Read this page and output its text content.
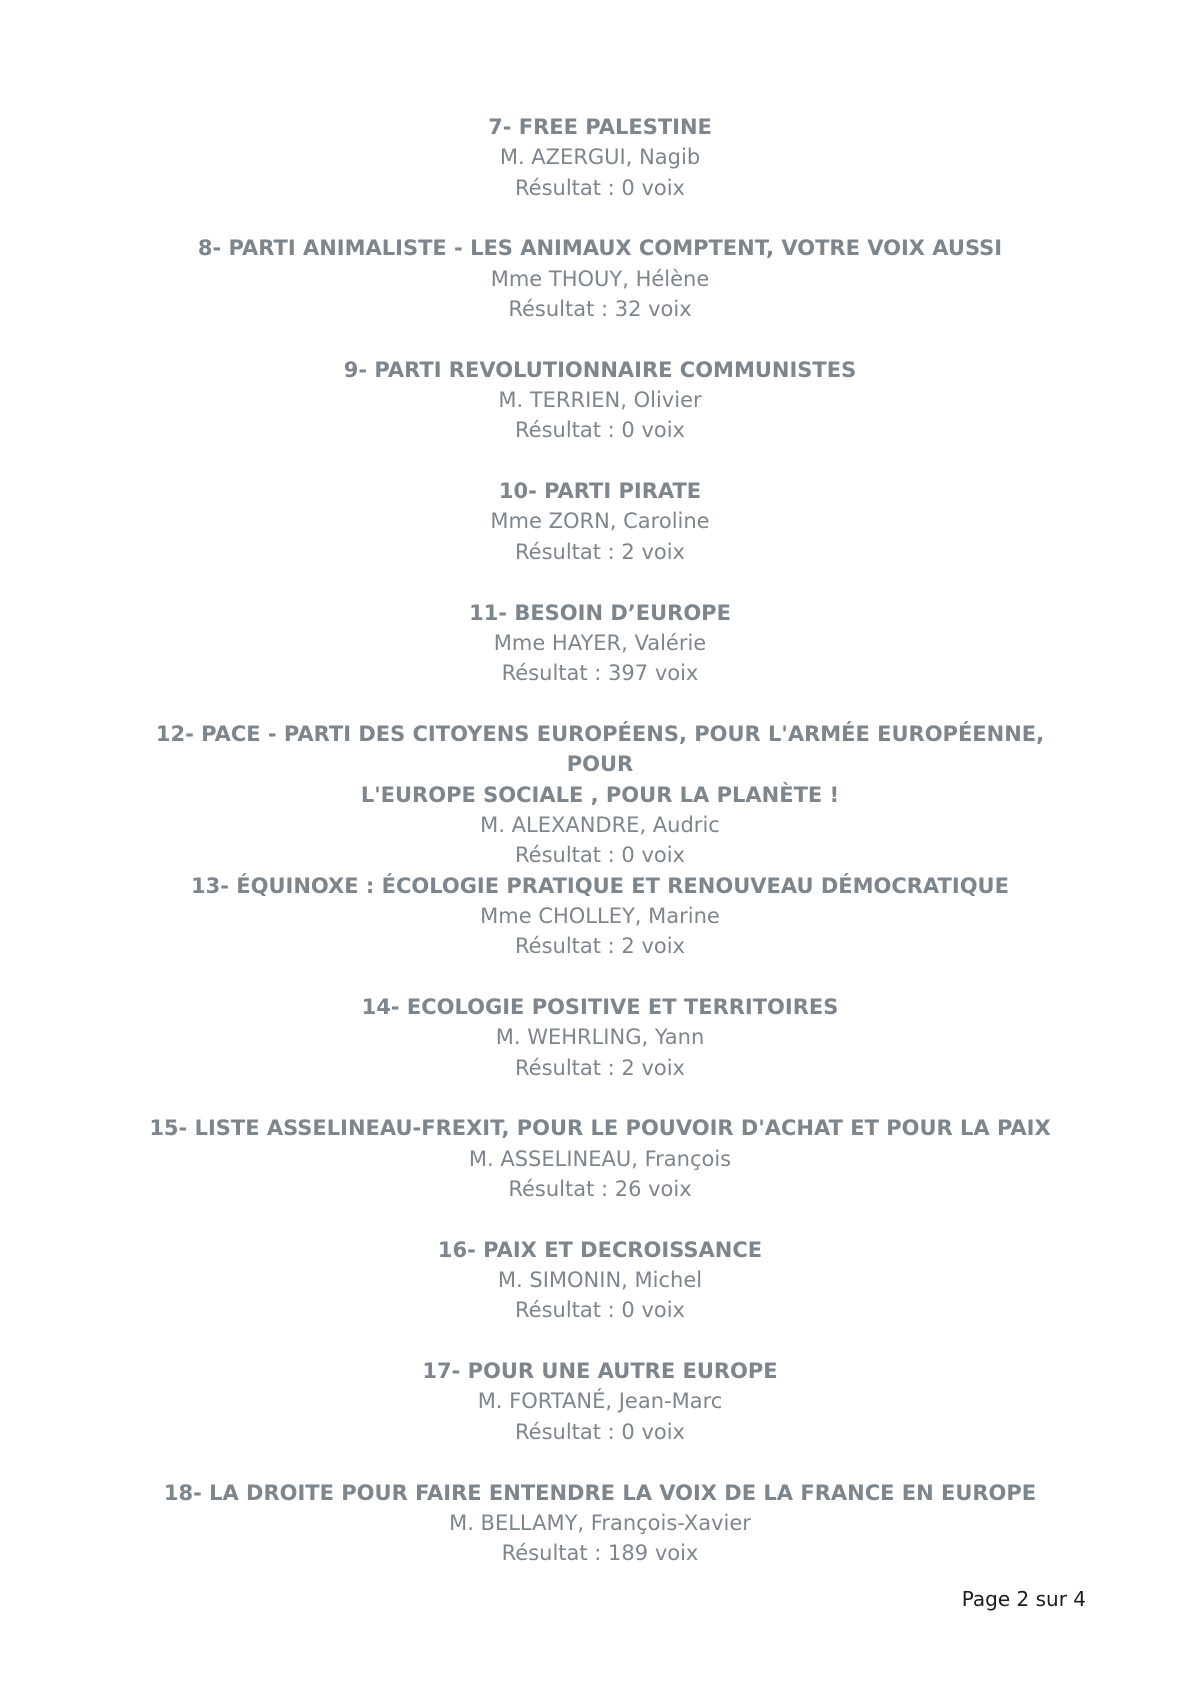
7- FREE PALESTINE
M. AZERGUI, Nagib
Résultat : 0 voix
8- PARTI ANIMALISTE - LES ANIMAUX COMPTENT, VOTRE VOIX AUSSI
Mme THOUY, Hélène
Résultat : 32 voix
9- PARTI REVOLUTIONNAIRE COMMUNISTES
M. TERRIEN, Olivier
Résultat : 0 voix
10- PARTI PIRATE
Mme ZORN, Caroline
Résultat : 2 voix
11- BESOIN D’EUROPE
Mme HAYER, Valérie
Résultat : 397 voix
12- PACE - PARTI DES CITOYENS EUROPÉENS, POUR L'ARMÉE EUROPÉENNE, POUR
L'EUROPE SOCIALE , POUR LA PLANÈTE !
M. ALEXANDRE, Audric
Résultat : 0 voix
13- ÉQUINOXE : ÉCOLOGIE PRATIQUE ET RENOUVEAU DÉMOCRATIQUE
Mme CHOLLEY, Marine
Résultat : 2 voix
14- ECOLOGIE POSITIVE ET TERRITOIRES
M. WEHRLING, Yann
Résultat : 2 voix
15- LISTE ASSELINEAU-FREXIT, POUR LE POUVOIR D'ACHAT ET POUR LA PAIX
M. ASSELINEAU, François
Résultat : 26 voix
16- PAIX ET DECROISSANCE
M. SIMONIN, Michel
Résultat : 0 voix
17- POUR UNE AUTRE EUROPE
M. FORTANÉ, Jean-Marc
Résultat : 0 voix
18- LA DROITE POUR FAIRE ENTENDRE LA VOIX DE LA FRANCE EN EUROPE
M. BELLAMY, François-Xavier
Résultat : 189 voix
Page 2 sur 4
